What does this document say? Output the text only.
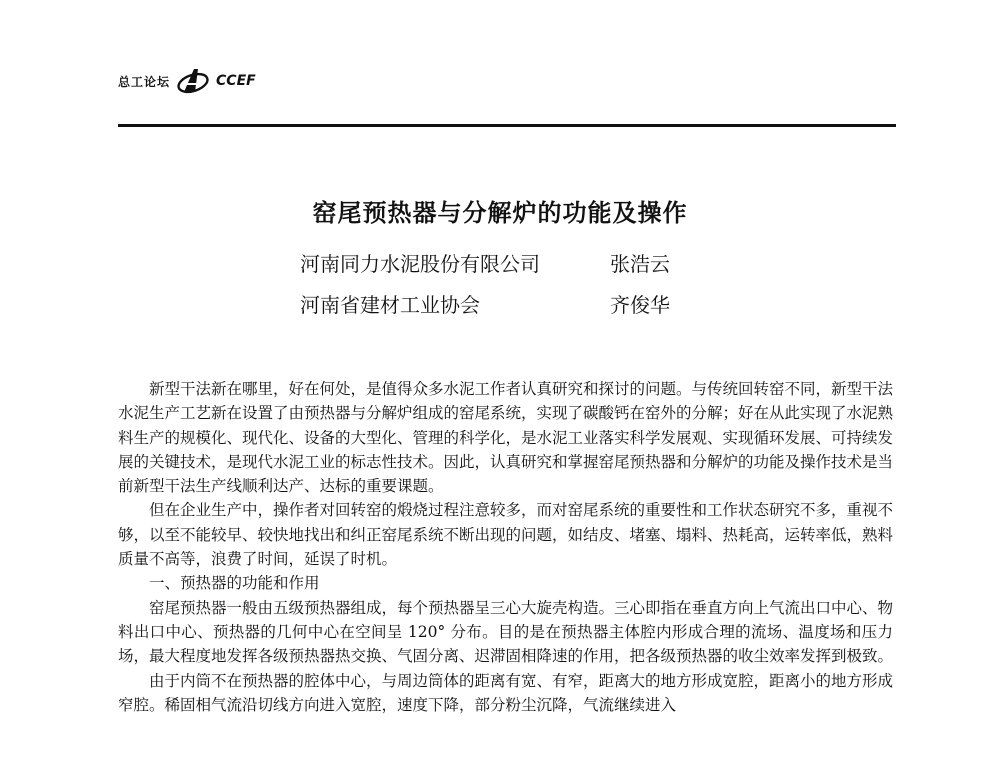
总工论坛	CCEF
窑尾预热器与分解炉的功能及操作
河南同力水泥股份有限公司	张浩云
河南省建材工业协会	齐俊华

新型干法新在哪里，好在何处，是值得众多水泥工作者认真研究和探讨的问题。与传统回转窑不同，新型干法水泥生产工艺新在设置了由预热器与分解炉组成的窑尾系统，实现了碳酸钙在窑外的分解；好在从此实现了水泥熟料生产的规模化、现代化、设备的大型化、管理的科学化，是水泥工业落实科学发展观、实现循环发展、可持续发展的关键技术，是现代水泥工业的标志性技术。因此，认真研究和掌握窑尾预热器和分解炉的功能及操作技术是当前新型干法生产线顺利达产、达标的重要课题。

但在企业生产中，操作者对回转窑的煅烧过程注意较多，而对窑尾系统的重要性和工作状态研究不多，重视不够，以至不能较早、较快地找出和纠正窑尾系统不断出现的问题，如结皮、堵塞、塌料、热耗高，运转率低，熟料质量不高等，浪费了时间，延误了时机。

一、预热器的功能和作用

窑尾预热器一般由五级预热器组成，每个预热器呈三心大旋壳构造。三心即指在垂直方向上气流出口中心、物料出口中心、预热器的几何中心在空间呈 120° 分布。目的是在预热器主体腔内形成合理的流场、温度场和压力场，最大程度地发挥各级预热器热交换、气固分离、迟滞固相降速的作用，把各级预热器的收尘效率发挥到极致。

由于内筒不在预热器的腔体中心，与周边筒体的距离有宽、有窄，距离大的地方形成宽腔，距离小的地方形成窄腔。稀固相气流沿切线方向进入宽腔，速度下降，部分粉尘沉降，气流继续进入
